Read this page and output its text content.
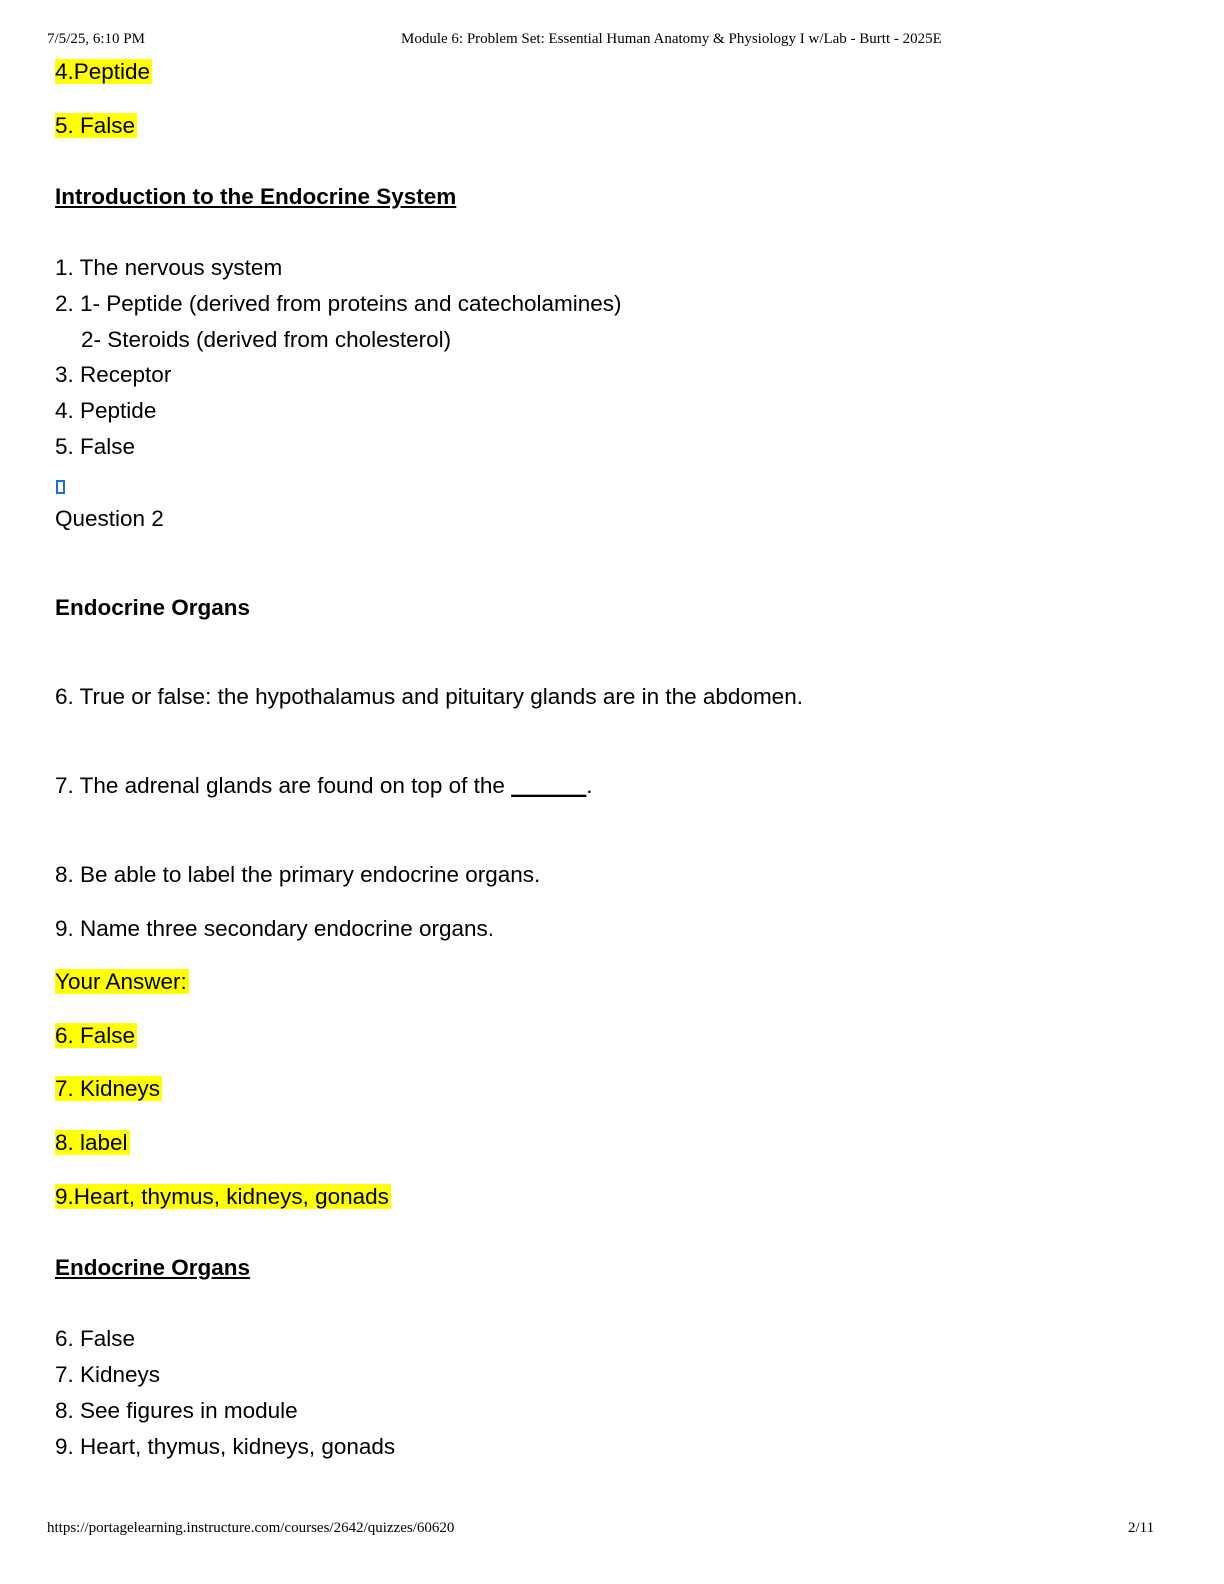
7/5/25, 6:10 PM	Module 6: Problem Set: Essential Human Anatomy & Physiology I w/Lab - Burtt - 2025E
4.Peptide
5. False
Introduction to the Endocrine System
1. The nervous system
2. 1- Peptide (derived from proteins and catecholamines)
2- Steroids (derived from cholesterol)
3. Receptor
4. Peptide
5. False
Question 2
Endocrine Organs
6. True or false: the hypothalamus and pituitary glands are in the abdomen.
7. The adrenal glands are found on top of the ______.
8. Be able to label the primary endocrine organs.
9. Name three secondary endocrine organs.
Your Answer:
6. False
7. Kidneys
8. label
9.Heart, thymus, kidneys, gonads
Endocrine Organs
6. False
7. Kidneys
8. See figures in module
9. Heart, thymus, kidneys, gonads
https://portagelearning.instructure.com/courses/2642/quizzes/60620	2/11
